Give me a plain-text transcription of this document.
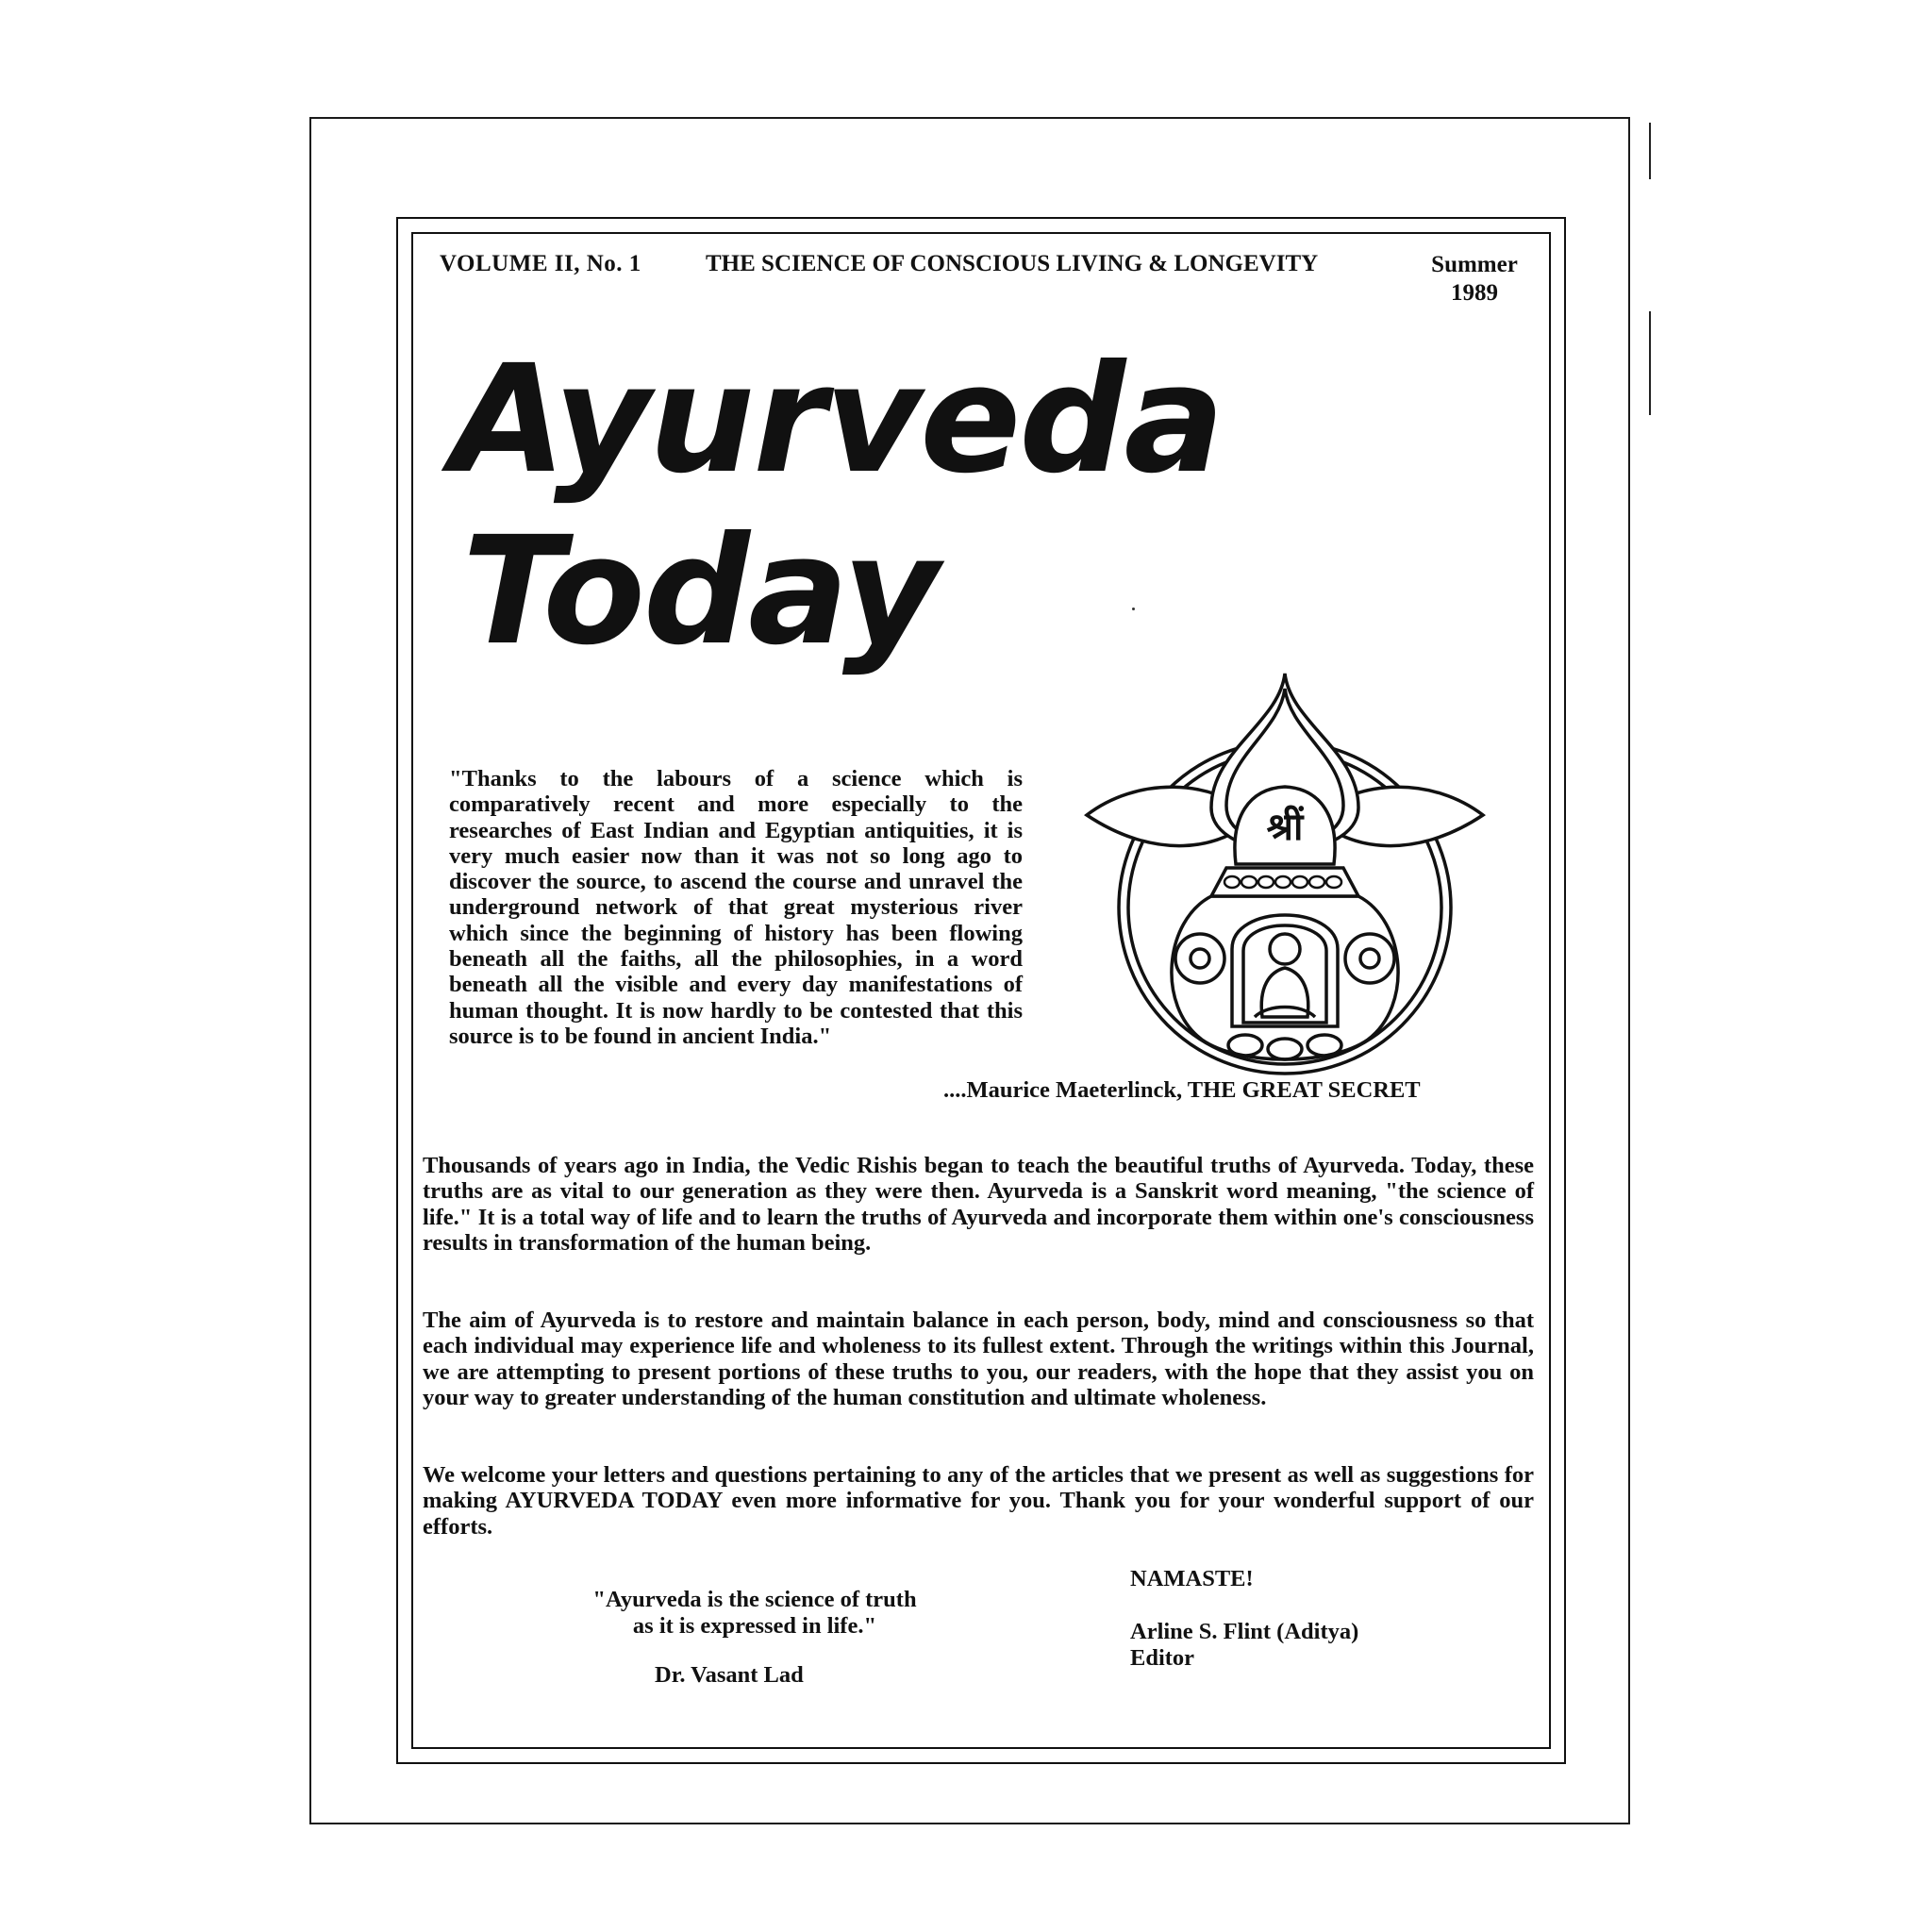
VOLUME II, No. 1	THE SCIENCE OF CONSCIOUS LIVING & LONGEVITY	Summer
1989
Ayurveda
Today
"Thanks to the labours of a science which is comparatively recent and more especially to the researches of East Indian and Egyptian antiquities, it is very much easier now than it was not so long ago to discover the source, to ascend the course and unravel the underground network of that great mysterious river which since the beginning of history has been flowing beneath all the faiths, all the philosophies, in a word beneath all the visible and every day manifestations of human thought. It is now hardly to be contested that this source is to be found in ancient India."
....Maurice Maeterlinck, THE GREAT SECRET
श्रीं

Thousands of years ago in India, the Vedic Rishis began to teach the beautiful truths of Ayurveda. Today, these truths are as vital to our generation as they were then. Ayurveda is a Sanskrit word meaning, "the science of life." It is a total way of life and to learn the truths of Ayurveda and incorporate them within one's consciousness results in transformation of the human being.

The aim of Ayurveda is to restore and maintain balance in each person, body, mind and consciousness so that each individual may experience life and wholeness to its fullest extent. Through the writings within this Journal, we are attempting to present portions of these truths to you, our readers, with the hope that they assist you on your way to greater understanding of the human constitution and ultimate wholeness.

We welcome your letters and questions pertaining to any of the articles that we present as well as suggestions for making AYURVEDA TODAY even more informative for you. Thank you for your wonderful support of our efforts.

"Ayurveda is the science of truth
as it is expressed in life."
Dr. Vasant Lad
NAMASTE!
Arline S. Flint (Aditya)
Editor
